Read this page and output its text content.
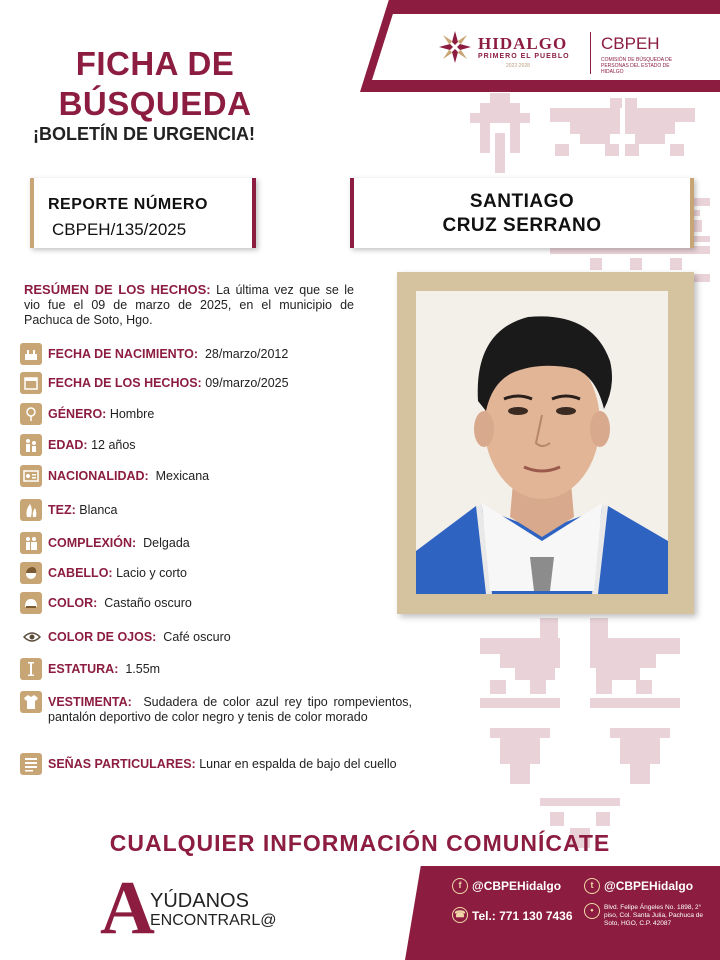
HIDALGO
PRIMERO EL PUEBLO
2022-2028
CBPEH
COMISIÓN DE BÚSQUEDA DE PERSONAS DEL ESTADO DE HIDALGO
FICHA DE
BÚSQUEDA
¡BOLETÍN DE URGENCIA!
REPORTE NÚMERO
CBPEH/135/2025
SANTIAGO
CRUZ SERRANO
RESÚMEN DE LOS HECHOS: La última vez que se le vio fue el 09 de marzo de 2025, en el municipio de Pachuca de Soto, Hgo.
FECHA DE NACIMIENTO: 28/marzo/2012
FECHA DE LOS HECHOS: 09/marzo/2025
GÉNERO: Hombre
EDAD: 12 años
NACIONALIDAD: Mexicana
TEZ: Blanca
COMPLEXIÓN: Delgada
CABELLO: Lacio y corto
COLOR: Castaño oscuro
COLOR DE OJOS: Café oscuro
ESTATURA: 1.55m
VESTIMENTA: Sudadera de color azul rey tipo rompevientos, pantalón deportivo de color negro y tenis de color morado
SEÑAS PARTICULARES: Lunar en espalda de bajo del cuello
CUALQUIER INFORMACIÓN COMUNÍCATE
A
YÚDANOS
ENCONTRARL@
f @CBPEHidalgo	t @CBPEHidalgo
☎ Tel.: 771 130 7436	•	Blvd. Felipe Ángeles No. 1898, 2° piso, Col. Santa Julia, Pachuca de Soto, HGO, C.P. 42087
